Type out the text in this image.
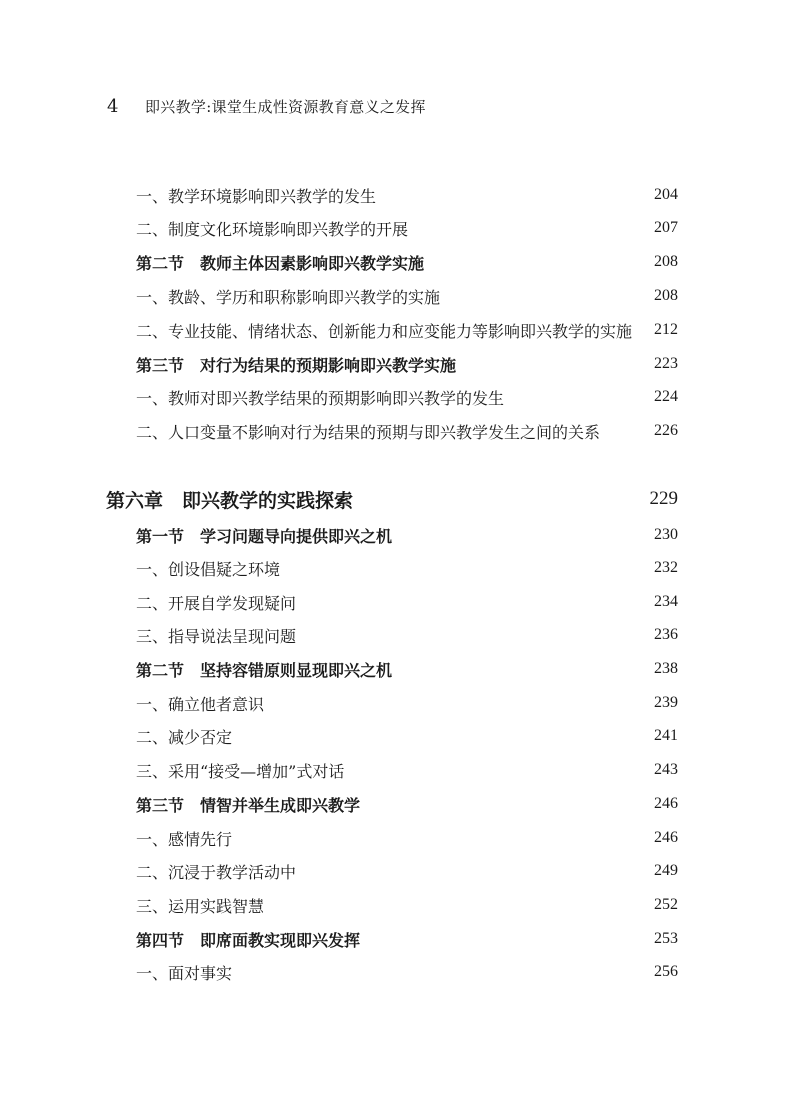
4	即兴教学:课堂生成性资源教育意义之发挥
一、教学环境影响即兴教学的发生	204
二、制度文化环境影响即兴教学的开展	207
第二节　教师主体因素影响即兴教学实施	208
一、教龄、学历和职称影响即兴教学的实施	208
二、专业技能、情绪状态、创新能力和应变能力等影响即兴教学的实施 212
第三节　对行为结果的预期影响即兴教学实施	223
一、教师对即兴教学结果的预期影响即兴教学的发生	224
二、人口变量不影响对行为结果的预期与即兴教学发生之间的关系	226
第六章　即兴教学的实践探索	229
第一节　学习问题导向提供即兴之机	230
一、创设倡疑之环境	232
二、开展自学发现疑问	234
三、指导说法呈现问题	236
第二节　坚持容错原则显现即兴之机	238
一、确立他者意识	239
二、减少否定	241
三、采用“接受—增加”式对话	243
第三节　情智并举生成即兴教学	246
一、感情先行	246
二、沉浸于教学活动中	249
三、运用实践智慧	252
第四节　即席面教实现即兴发挥	253
一、面对事实	256
